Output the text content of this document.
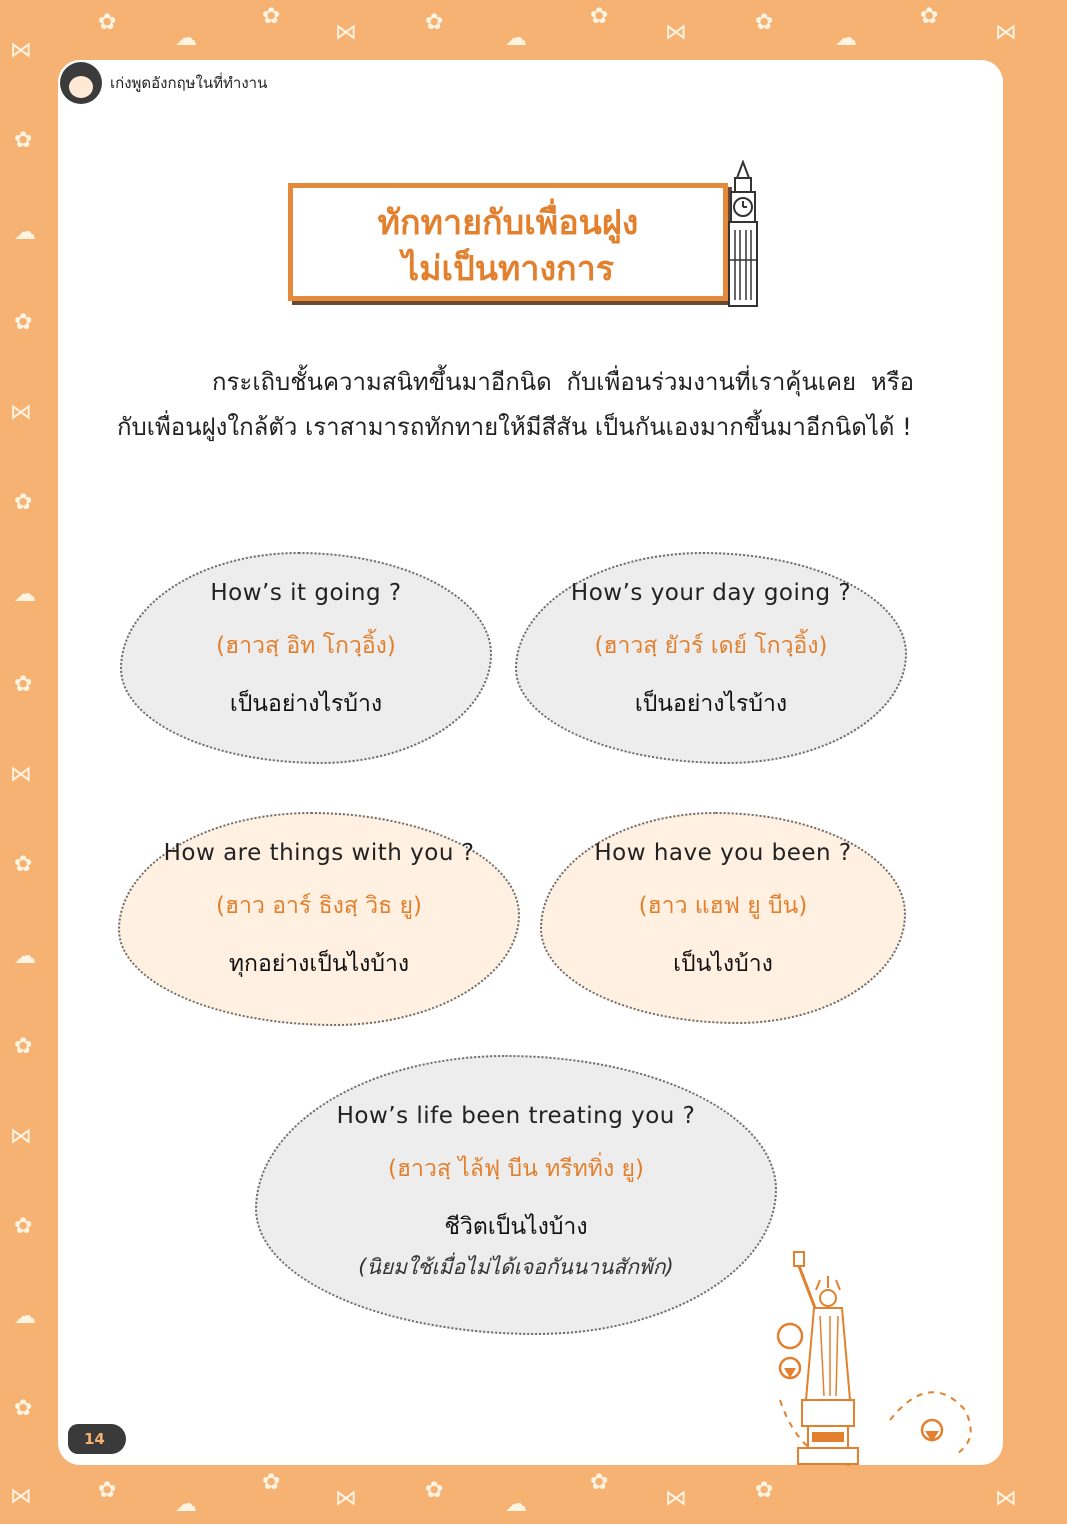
✿
☁
✿
⋈	✿
☁
✿
⋈	✿
☁
✿
⋈
⋈
✿
☁
✿
⋈
✿
☁
✿
⋈
✿
☁
✿
⋈
✿
☁
✿
⋈	✿
☁
✿
⋈	✿
☁
✿
⋈	✿	⋈
เก่งพูดอังกฤษในที่ทำงาน
ทักทายกับเพื่อนฝูง
ไม่เป็นทางการ
กระเถิบชั้นความสนิทขึ้นมาอีกนิด กับเพื่อนร่วมงานที่เราคุ้นเคย หรือกับเพื่อนฝูงใกล้ตัว เราสามารถทักทายให้มีสีสัน เป็นกันเองมากขึ้นมาอีกนิดได้ !
How’s it going ?
(ฮาวสฺ อิท โกวฺอิ้ง)
เป็นอย่างไรบ้าง
How’s your day going ?
(ฮาวสฺ ยัวร์ เดย์ โกวฺอิ้ง)
เป็นอย่างไรบ้าง
How are things with you ?
(ฮาว อาร์ ธิงสฺ วิธ ยู)
ทุกอย่างเป็นไงบ้าง
How have you been ?
(ฮาว แฮฟ ยู บีน)
เป็นไงบ้าง
How’s life been treating you ?
(ฮาวสฺ ไล้ฟฺ บีน ทรีททิ่ง ยู)
ชีวิตเป็นไงบ้าง
(นิยมใช้เมื่อไม่ได้เจอกันนานสักพัก)
14
